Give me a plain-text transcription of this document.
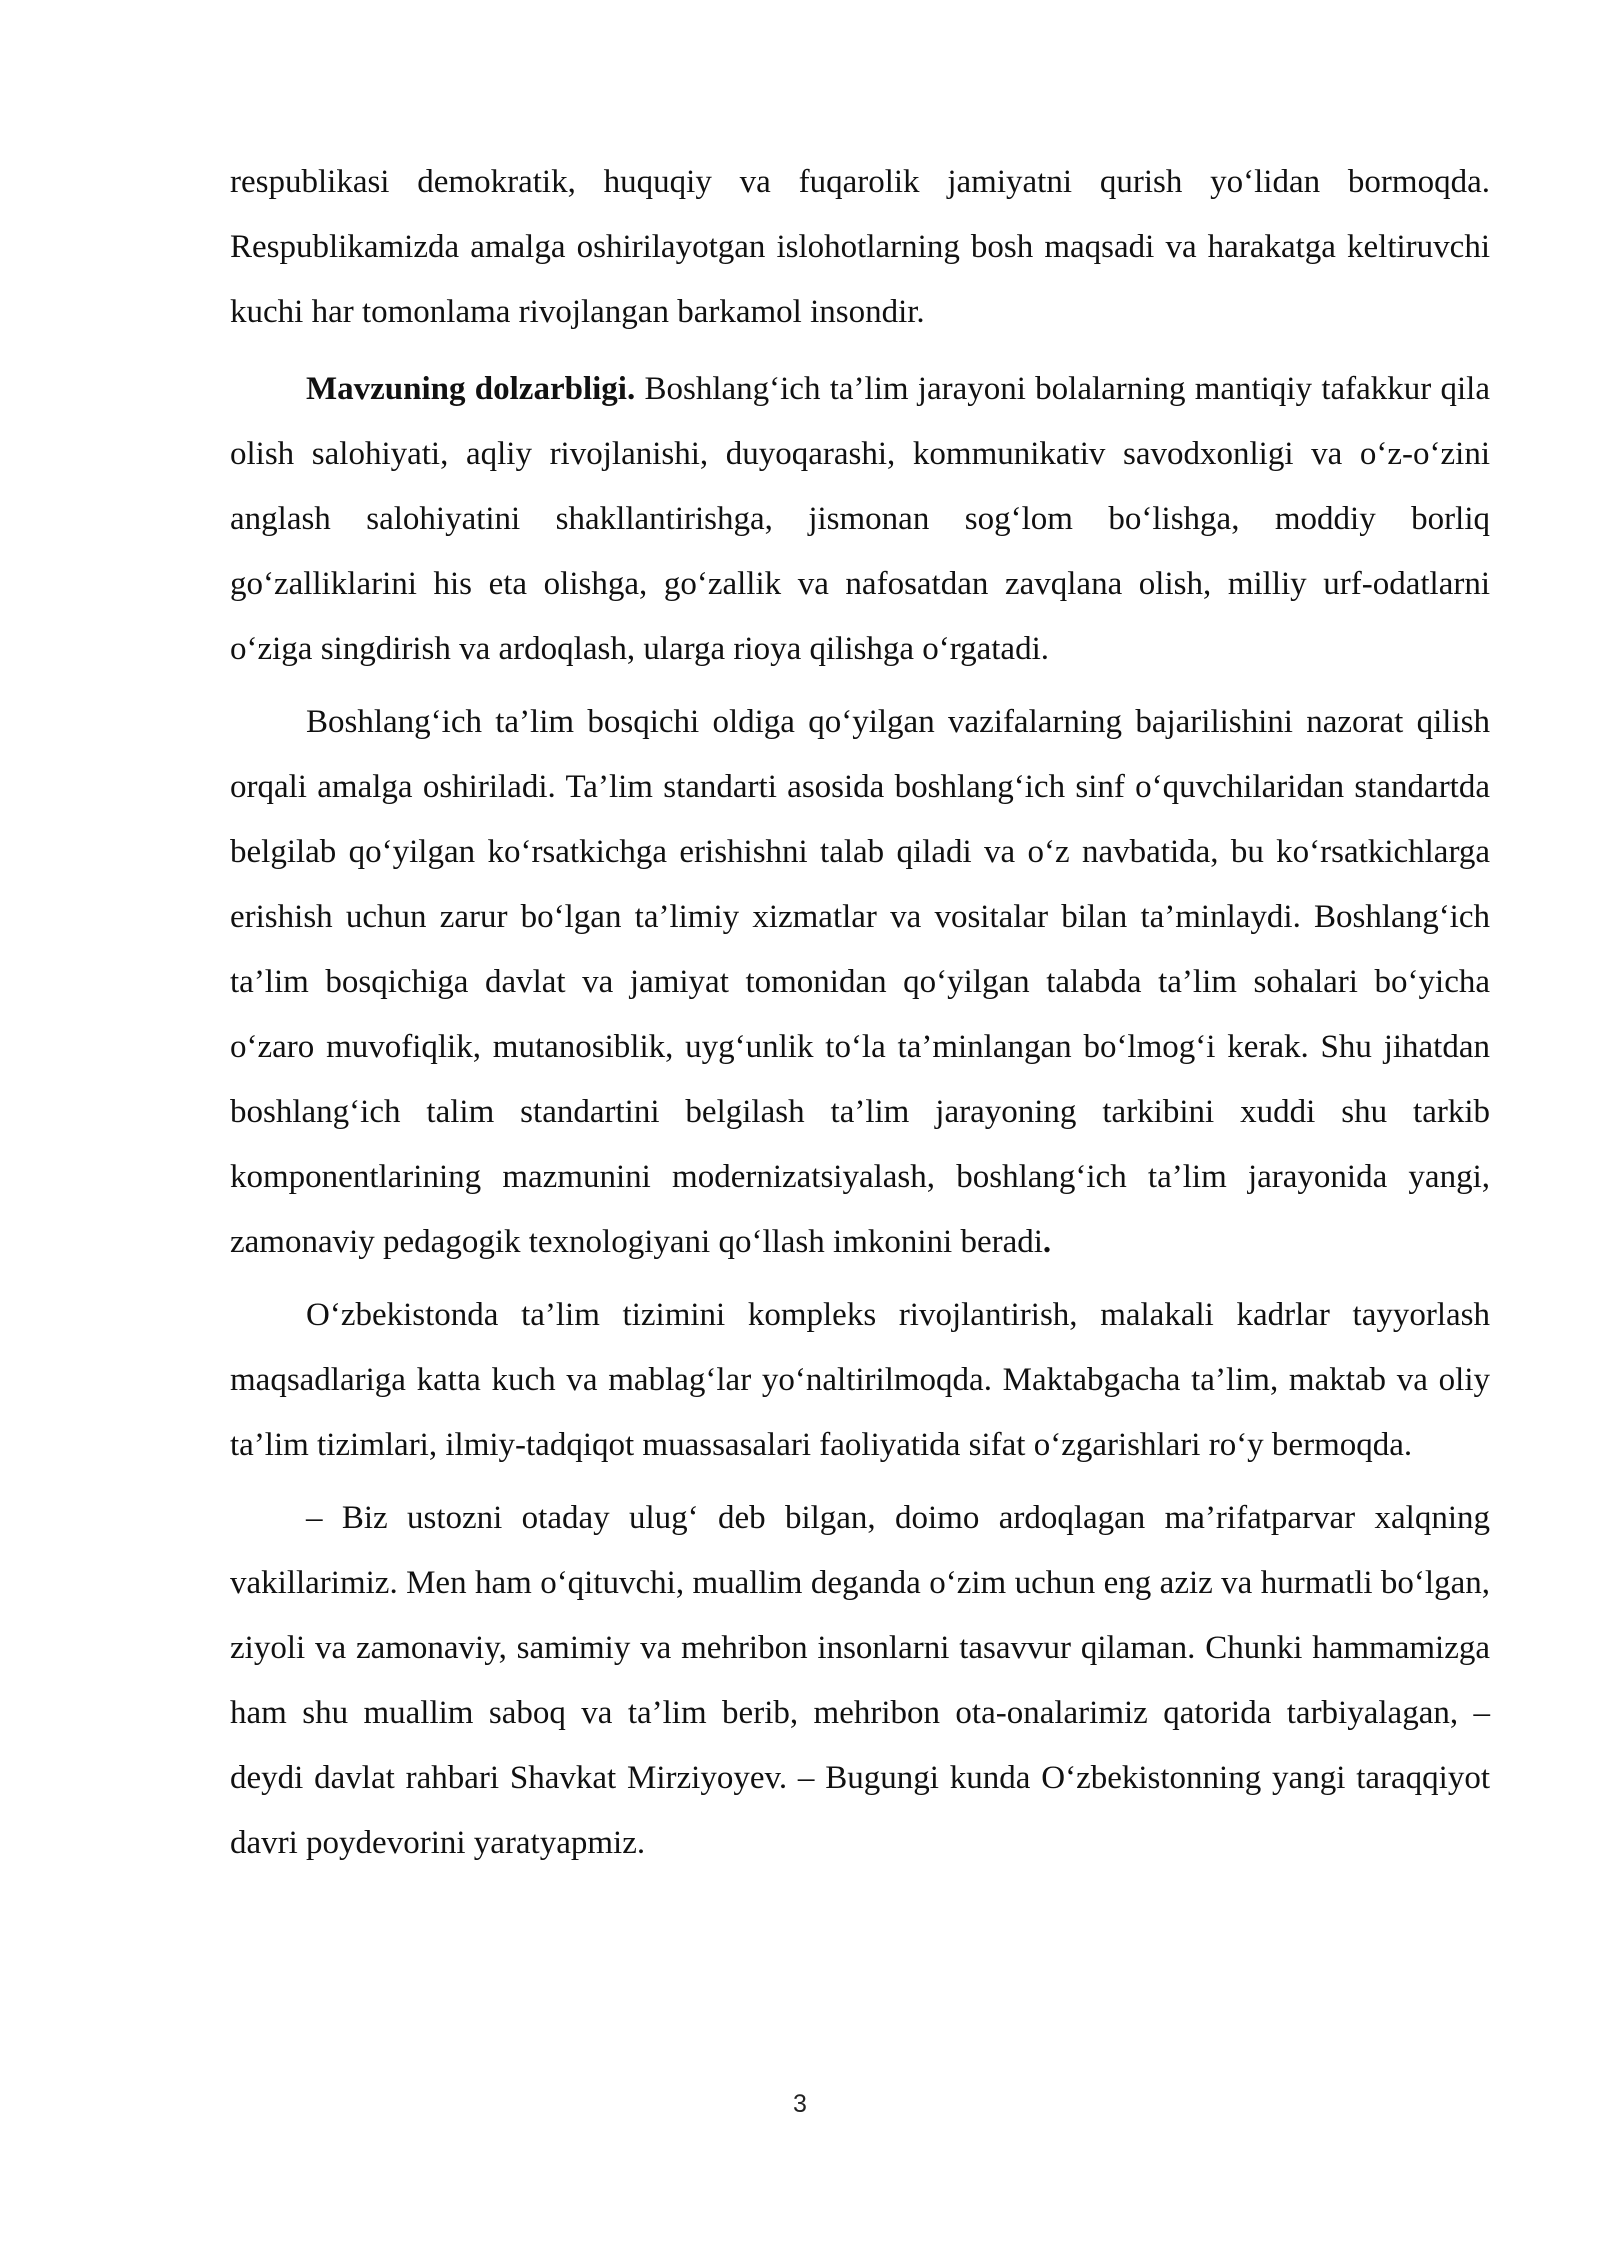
respublikasi demokratik, huquqiy va fuqarolik jamiyatni qurish yo‘lidan bormoqda. Respublikamizda amalga oshirilayotgan islohotlarning bosh maqsadi va harakatga keltiruvchi kuchi har tomonlama rivojlangan barkamol insondir.

Mavzuning dolzarbligi. Boshlang‘ich ta’lim jarayoni bolalarning mantiqiy tafakkur qila olish salohiyati, aqliy rivojlanishi, duyoqarashi, kommunikativ savodxonligi va o‘z-o‘zini anglash salohiyatini shakllantirishga, jismonan sog‘lom bo‘lishga, moddiy borliq go‘zalliklarini his eta olishga, go‘zallik va nafosatdan zavqlana olish, milliy urf-odatlarni o‘ziga singdirish va ardoqlash, ularga rioya qilishga o‘rgatadi.

Boshlang‘ich ta’lim bosqichi oldiga qo‘yilgan vazifalarning bajarilishini nazorat qilish orqali amalga oshiriladi. Ta’lim standarti asosida boshlang‘ich sinf o‘quvchilaridan standartda belgilab qo‘yilgan ko‘rsatkichga erishishni talab qiladi va o‘z navbatida, bu ko‘rsatkichlarga erishish uchun zarur bo‘lgan ta’limiy xizmatlar va vositalar bilan ta’minlaydi. Boshlang‘ich ta’lim bosqichiga davlat va jamiyat tomonidan qo‘yilgan talabda ta’lim sohalari bo‘yicha o‘zaro muvofiqlik, mutanosiblik, uyg‘unlik to‘la ta’minlangan bo‘lmog‘i kerak. Shu jihatdan boshlang‘ich talim standartini belgilash ta’lim jarayoning tarkibini xuddi shu tarkib komponentlarining mazmunini modernizatsiyalash, boshlang‘ich ta’lim jarayonida yangi, zamonaviy pedagogik texnologiyani qo‘llash imkonini beradi.

O‘zbekistonda ta’lim tizimini kompleks rivojlantirish, malakali kadrlar tayyorlash maqsadlariga katta kuch va mablag‘lar yo‘naltirilmoqda. Maktabgacha ta’lim, maktab va oliy ta’lim tizimlari, ilmiy-tadqiqot muassasalari faoliyatida sifat o‘zgarishlari ro‘y bermoqda.

– Biz ustozni otaday ulug‘ deb bilgan, doimo ardoqlagan ma’rifatparvar xalqning vakillarimiz. Men ham o‘qituvchi, muallim deganda o‘zim uchun eng aziz va hurmatli bo‘lgan, ziyoli va zamonaviy, samimiy va mehribon insonlarni tasavvur qilaman. Chunki hammamizga ham shu muallim saboq va ta’lim berib, mehribon ota-onalarimiz qatorida tarbiyalagan, – deydi davlat rahbari Shavkat Mirziyoyev. – Bugungi kunda O‘zbekistonning yangi taraqqiyot davri poydevorini yaratyapmiz.

3
